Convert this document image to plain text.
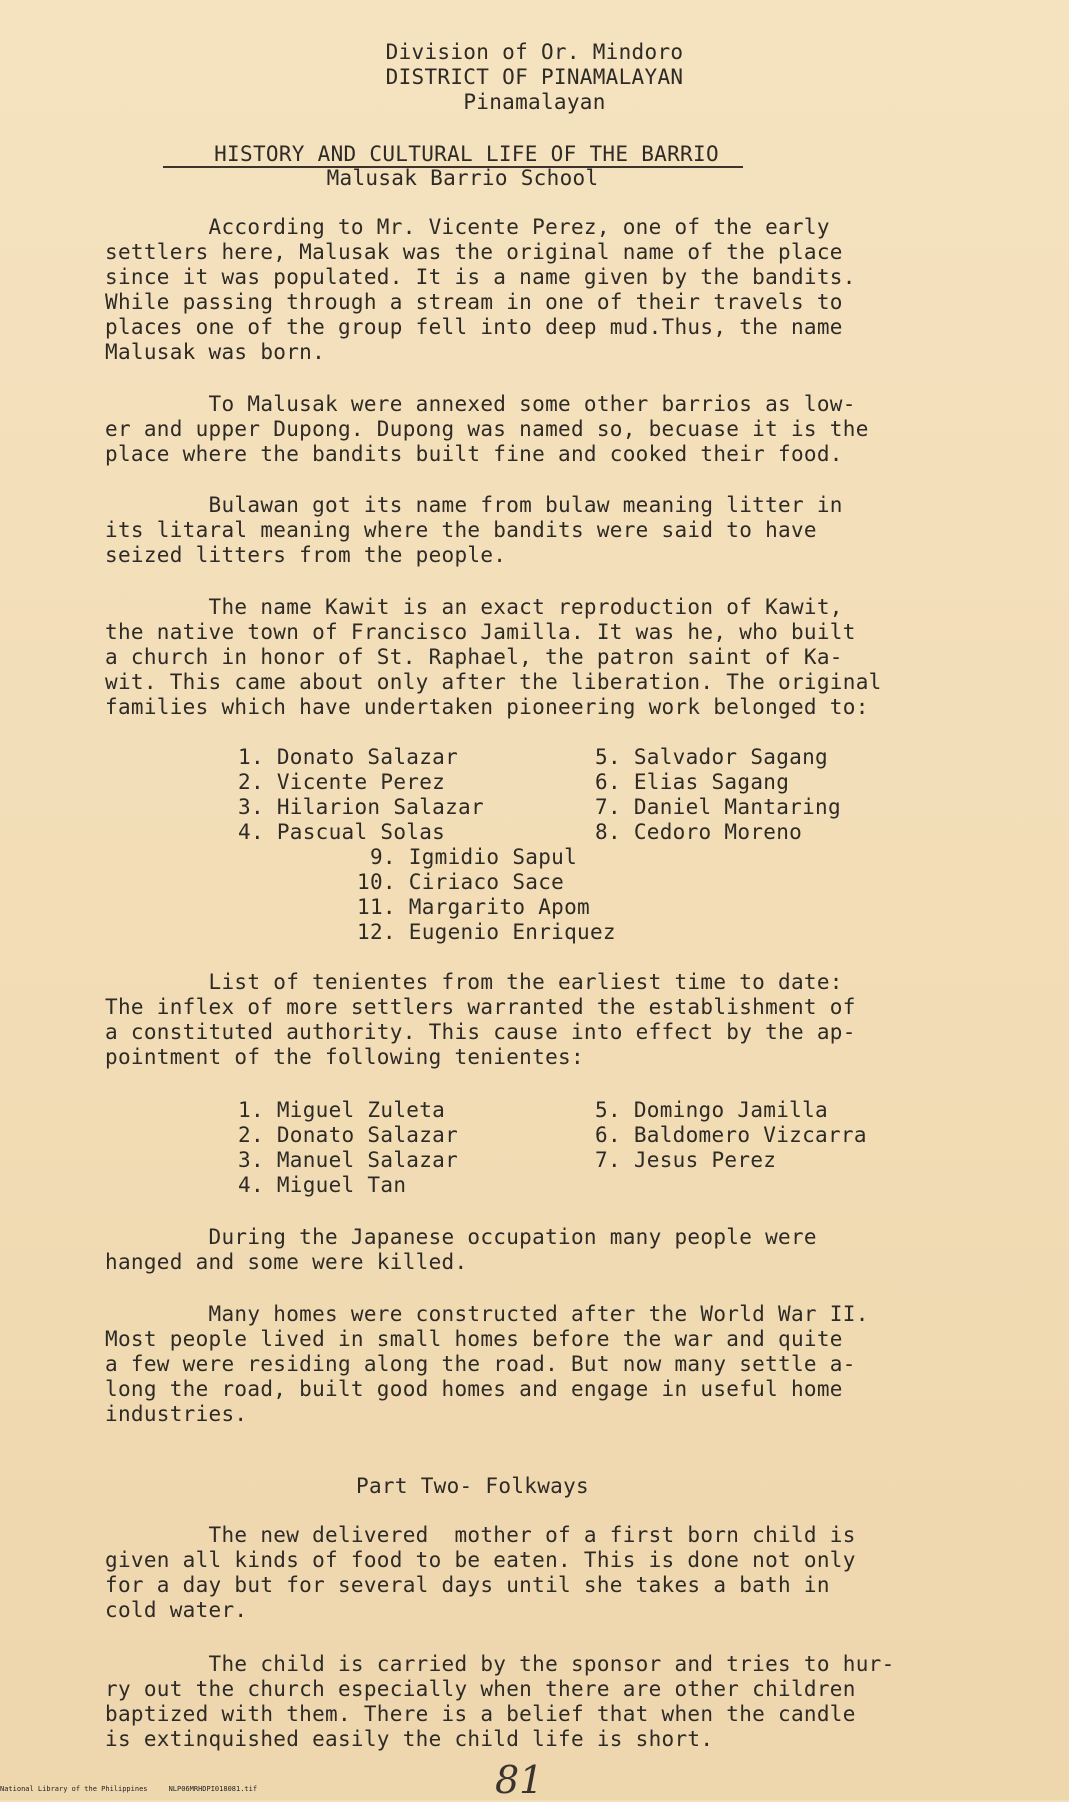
Division of Or. Mindoro
DISTRICT OF PINAMALAYAN
Pinamalayan
HISTORY AND CULTURAL LIFE OF THE BARRIO
Malusak Barrio School
According to Mr. Vicente Perez, one of the early
settlers here, Malusak was the original name of the place
since it was populated. It is a name given by the bandits.
While passing through a stream in one of their travels to
places one of the group fell into deep mud.Thus, the name
Malusak was born.
To Malusak were annexed some other barrios as low-
er and upper Dupong. Dupong was named so, becuase it is the
place where the bandits built fine and cooked their food.
Bulawan got its name from bulaw meaning litter in
its litaral meaning where the bandits were said to have
seized litters from the people.
The name Kawit is an exact reproduction of Kawit,
the native town of Francisco Jamilla. It was he, who built
a church in honor of St. Raphael, the patron saint of Ka-
wit. This came about only after the liberation. The original
families which have undertaken pioneering work belonged to:
1. Donato Salazar
2. Vicente Perez
3. Hilarion Salazar
4. Pascual Solas
5. Salvador Sagang
6. Elias Sagang
7. Daniel Mantaring
8. Cedoro Moreno
9. Igmidio Sapul
10. Ciriaco Sace
11. Margarito Apom
12. Eugenio Enriquez
List of tenientes from the earliest time to date:
The inflex of more settlers warranted the establishment of
a constituted authority. This cause into effect by the ap-
pointment of the following tenientes:
1. Miguel Zuleta
2. Donato Salazar
3. Manuel Salazar
4. Miguel Tan
5. Domingo Jamilla
6. Baldomero Vizcarra
7. Jesus Perez
During the Japanese occupation many people were
hanged and some were killed.
Many homes were constructed after the World War II.
Most people lived in small homes before the war and quite
a few were residing along the road. But now many settle a-
long the road, built good homes and engage in useful home
industries.
Part Two- Folkways
The new delivered  mother of a first born child is
given all kinds of food to be eaten. This is done not only
for a day but for several days until she takes a bath in
cold water.
The child is carried by the sponsor and tries to hur-
ry out the church especially when there are other children
baptized with them. There is a belief that when the candle
is extinquished easily the child life is short.
81
National Library of the Philippines     NLP06MRHDPI018081.tif
